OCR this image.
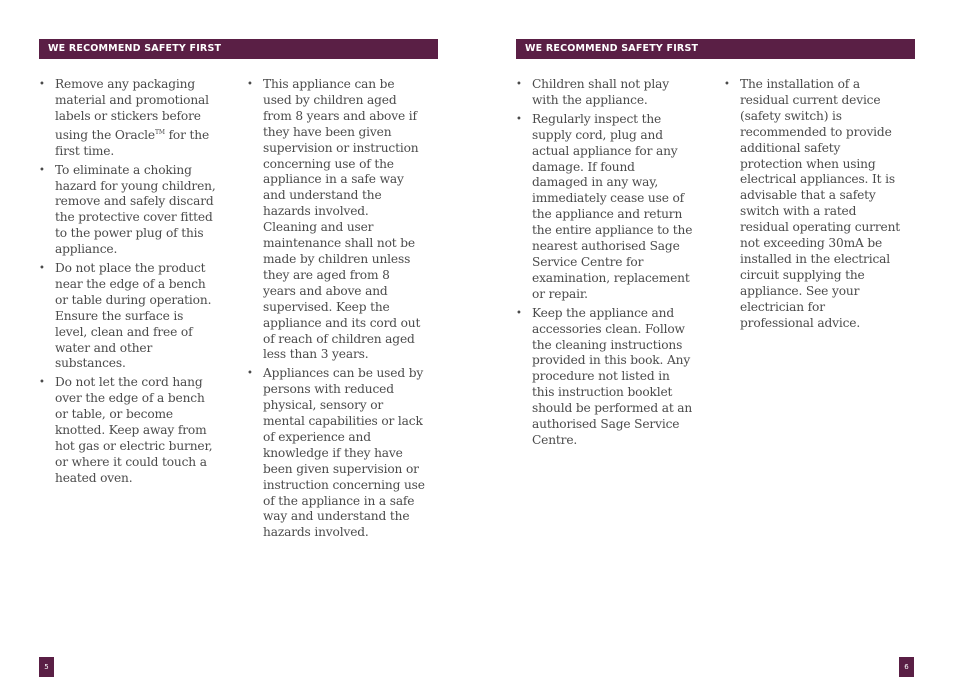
WE RECOMMEND SAFETY FIRST
• Remove any packaging material and promotional labels or stickers before using the Oracle™ for the first time.
• To eliminate a choking hazard for young children, remove and safely discard the protective cover fitted to the power plug of this appliance.
• Do not place the product near the edge of a bench or table during operation. Ensure the surface is level, clean and free of water and other substances.
• Do not let the cord hang over the edge of a bench or table, or become knotted. Keep away from hot gas or electric burner, or where it could touch a heated oven.
• This appliance can be used by children aged from 8 years and above if they have been given supervision or instruction concerning use of the appliance in a safe way and understand the hazards involved. Cleaning and user maintenance shall not be made by children unless they are aged from 8 years and above and supervised. Keep the appliance and its cord out of reach of children aged less than 3 years.
• Appliances can be used by persons with reduced physical, sensory or mental capabilities or lack of experience and knowledge if they have been given supervision or instruction concerning use of the appliance in a safe way and understand the hazards involved.
5
WE RECOMMEND SAFETY FIRST
• Children shall not play with the appliance.
• Regularly inspect the supply cord, plug and actual appliance for any damage. If found damaged in any way, immediately cease use of the appliance and return the entire appliance to the nearest authorised Sage Service Centre for examination, replacement or repair.
• Keep the appliance and accessories clean. Follow the cleaning instructions provided in this book. Any procedure not listed in this instruction booklet should be performed at an authorised Sage Service Centre.
• The installation of a residual current device (safety switch) is recommended to provide additional safety protection when using electrical appliances. It is advisable that a safety switch with a rated residual operating current not exceeding 30mA be installed in the electrical circuit supplying the appliance. See your electrician for professional advice.
6
